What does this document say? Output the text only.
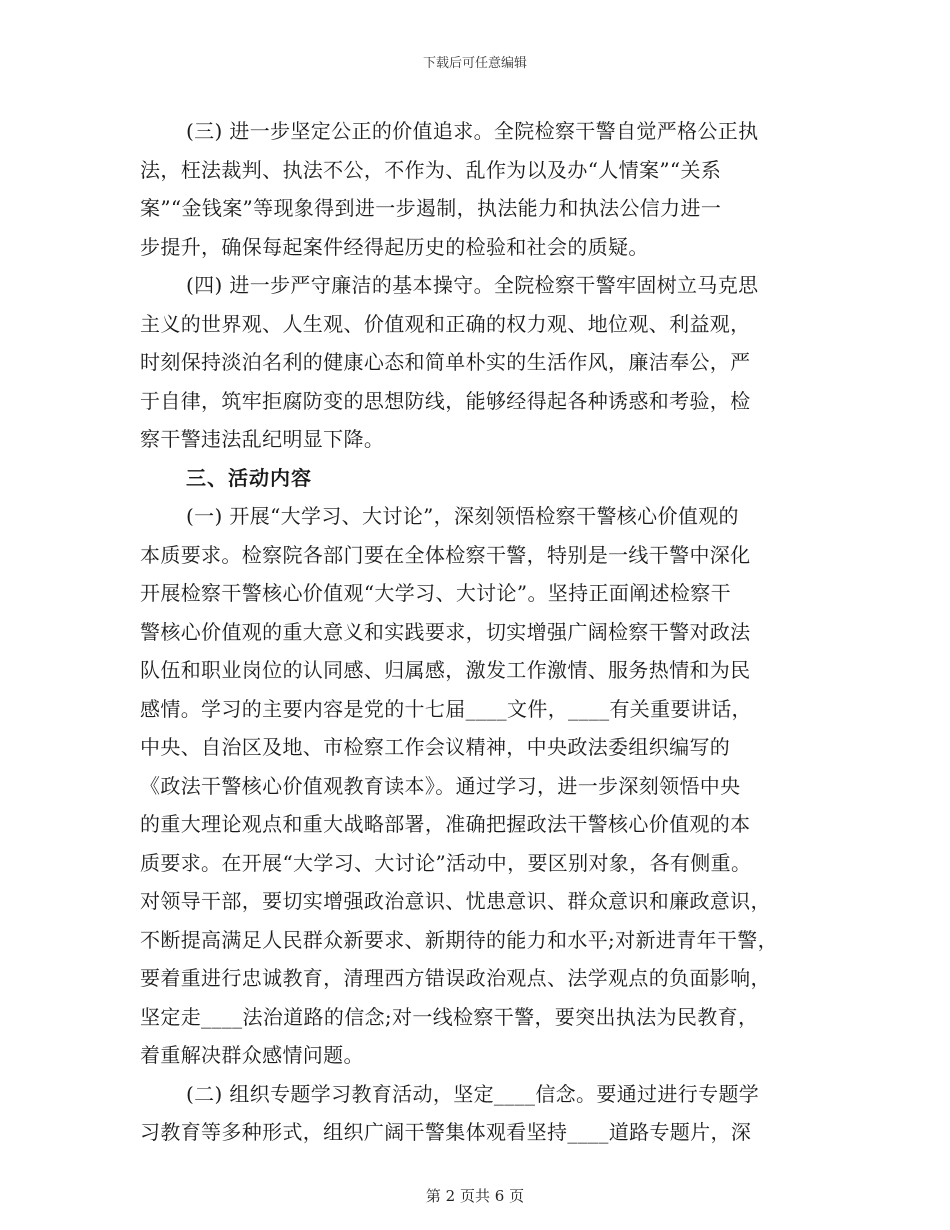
下载后可任意编辑
(三) 进一步坚定公正的价值追求。全院检察干警自觉严格公正执
法，枉法裁判、执法不公，不作为、乱作为以及办“人情案”“关系
案”“金钱案”等现象得到进一步遏制，执法能力和执法公信力进一
步提升，确保每起案件经得起历史的检验和社会的质疑。
(四) 进一步严守廉洁的基本操守。全院检察干警牢固树立马克思
主义的世界观、人生观、价值观和正确的权力观、地位观、利益观，
时刻保持淡泊名利的健康心态和简单朴实的生活作风，廉洁奉公，严
于自律，筑牢拒腐防变的思想防线，能够经得起各种诱惑和考验，检
察干警违法乱纪明显下降。
三、活动内容
(一) 开展“大学习、大讨论”，深刻领悟检察干警核心价值观的
本质要求。检察院各部门要在全体检察干警，特别是一线干警中深化
开展检察干警核心价值观“大学习、大讨论”。坚持正面阐述检察干
警核心价值观的重大意义和实践要求，切实增强广阔检察干警对政法
队伍和职业岗位的认同感、归属感，激发工作激情、服务热情和为民
感情。学习的主要内容是党的十七届____文件，____有关重要讲话，
中央、自治区及地、市检察工作会议精神，中央政法委组织编写的
《政法干警核心价值观教育读本》。通过学习，进一步深刻领悟中央
的重大理论观点和重大战略部署，准确把握政法干警核心价值观的本
质要求。在开展“大学习、大讨论”活动中，要区别对象，各有侧重。
对领导干部，要切实增强政治意识、忧患意识、群众意识和廉政意识，
不断提高满足人民群众新要求、新期待的能力和水平;对新进青年干警，
要着重进行忠诚教育，清理西方错误政治观点、法学观点的负面影响，
坚定走____法治道路的信念;对一线检察干警，要突出执法为民教育，
着重解决群众感情问题。
(二) 组织专题学习教育活动，坚定____信念。要通过进行专题学
习教育等多种形式，组织广阔干警集体观看坚持____道路专题片，深
第 2 页共 6 页
